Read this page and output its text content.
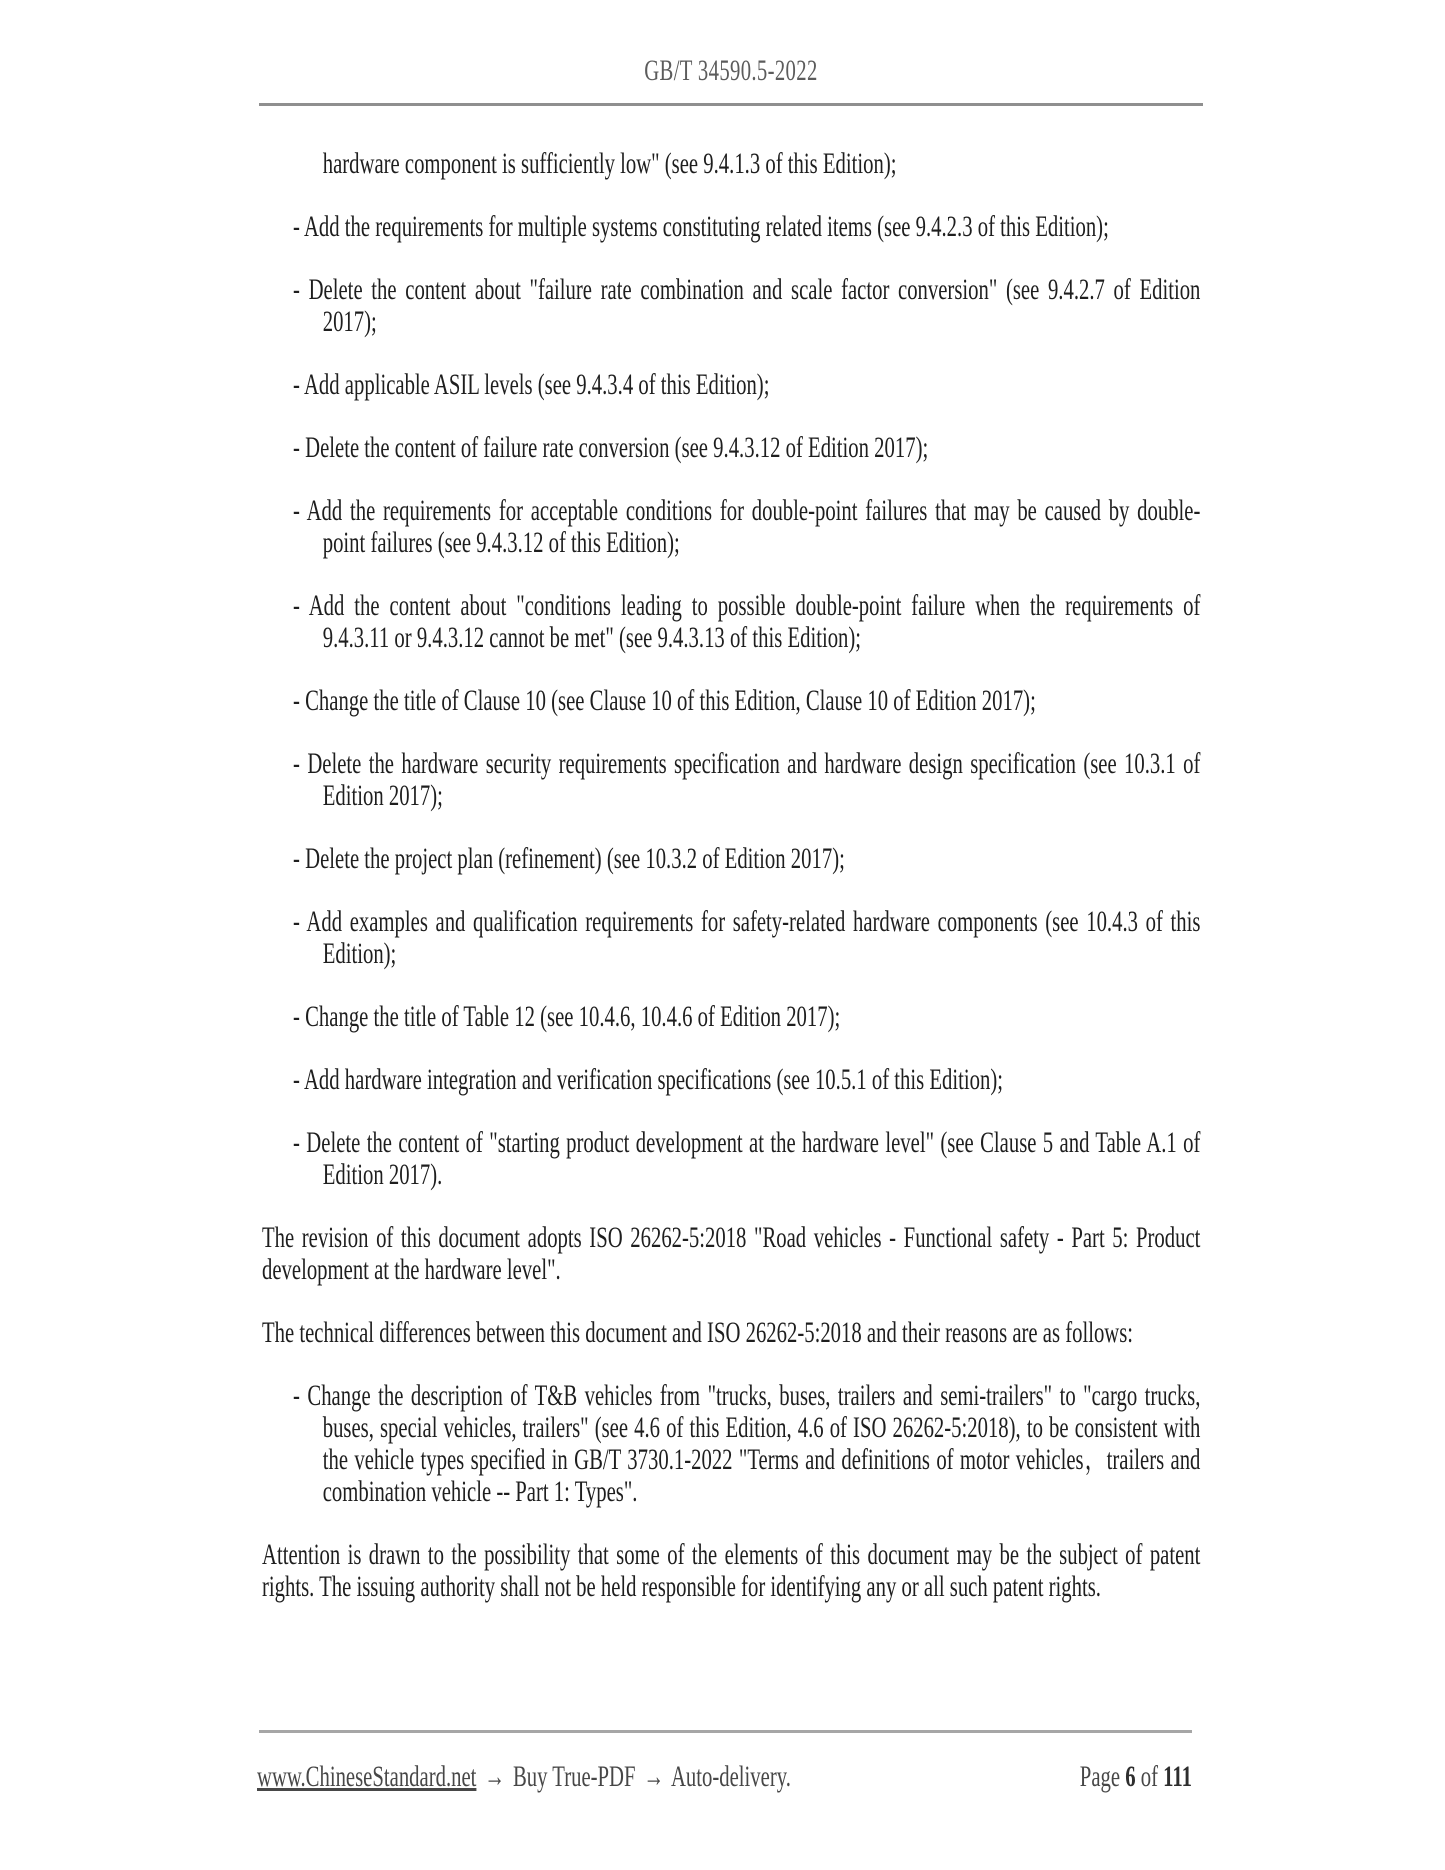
GB/T 34590.5-2022

hardware component is sufficiently low" (see 9.4.1.3 of this Edition);

- Add the requirements for multiple systems constituting related items (see 9.4.2.3 of this Edition);

- Delete the content about "failure rate combination and scale factor conversion" (see 9.4.2.7 of Edition 2017);

- Add applicable ASIL levels (see 9.4.3.4 of this Edition);

- Delete the content of failure rate conversion (see 9.4.3.12 of Edition 2017);

- Add the requirements for acceptable conditions for double-point failures that may be caused by double-point failures (see 9.4.3.12 of this Edition);

- Add the content about "conditions leading to possible double-point failure when the requirements of 9.4.3.11 or 9.4.3.12 cannot be met" (see 9.4.3.13 of this Edition);

- Change the title of Clause 10 (see Clause 10 of this Edition, Clause 10 of Edition 2017);

- Delete the hardware security requirements specification and hardware design specification (see 10.3.1 of Edition 2017);

- Delete the project plan (refinement) (see 10.3.2 of Edition 2017);

- Add examples and qualification requirements for safety-related hardware components (see 10.4.3 of this Edition);

- Change the title of Table 12 (see 10.4.6, 10.4.6 of Edition 2017);

- Add hardware integration and verification specifications (see 10.5.1 of this Edition);

- Delete the content of "starting product development at the hardware level" (see Clause 5 and Table A.1 of Edition 2017).

The revision of this document adopts ISO 26262-5:2018 "Road vehicles - Functional safety - Part 5: Product development at the hardware level".

The technical differences between this document and ISO 26262-5:2018 and their reasons are as follows:

- Change the description of T&B vehicles from "trucks, buses, trailers and semi-trailers" to "cargo trucks, buses, special vehicles, trailers" (see 4.6 of this Edition, 4.6 of ISO 26262-5:2018), to be consistent with the vehicle types specified in GB/T 3730.1-2022 "Terms and definitions of motor vehicles，trailers and combination vehicle -- Part 1: Types".

Attention is drawn to the possibility that some of the elements of this document may be the subject of patent rights. The issuing authority shall not be held responsible for identifying any or all such patent rights.

www.ChineseStandard.net → Buy True-PDF → Auto-delivery.	Page 6 of 111
